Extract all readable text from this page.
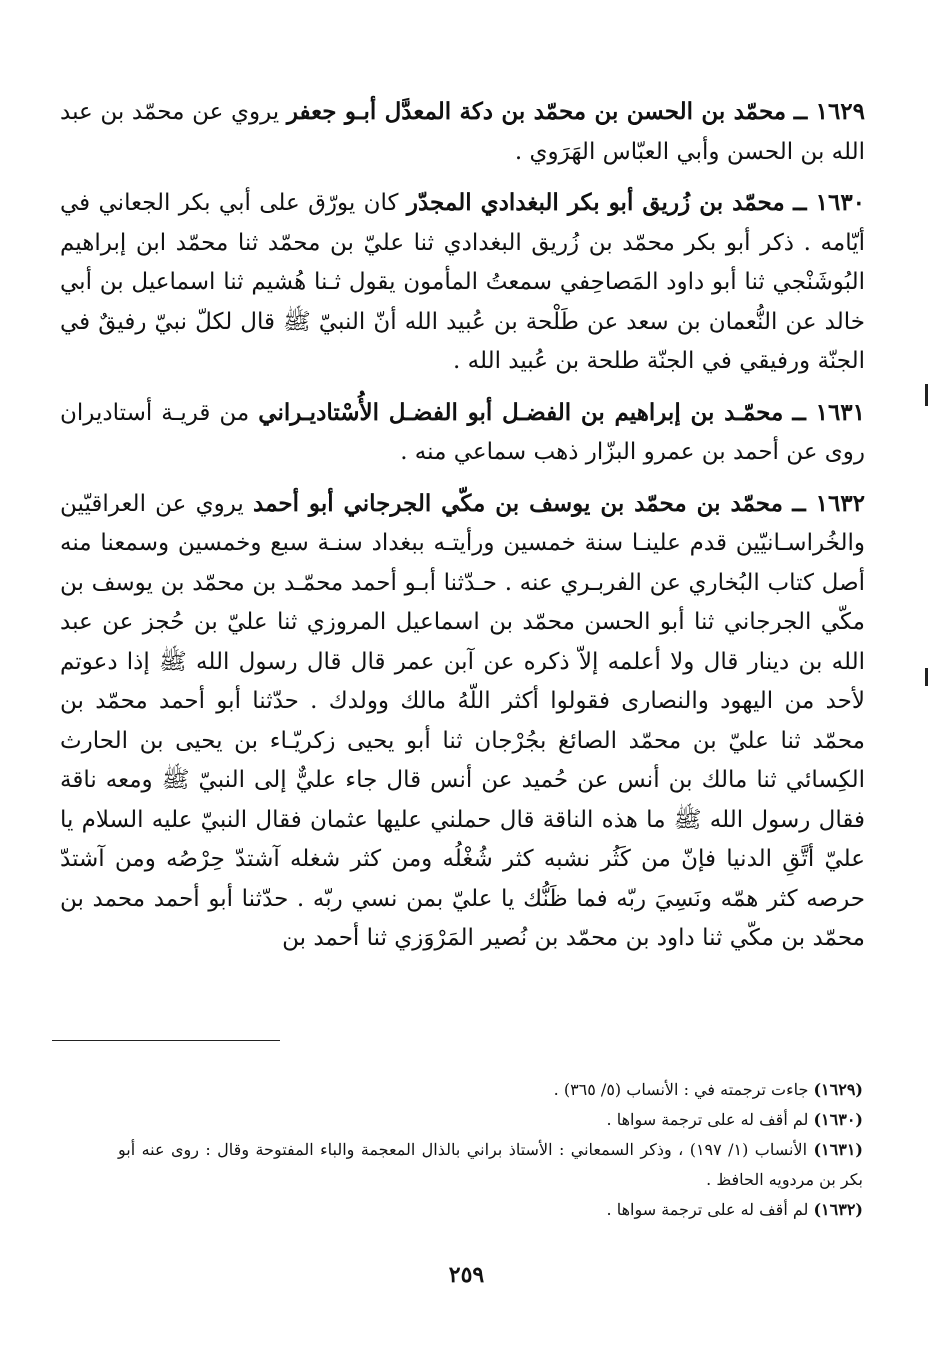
١٦٢٩ ــ محمّد بن الحسن بن محمّد بن دكة المعدَّل أبـو جعفر يروي عن محمّد بن عبد الله بن الحسن وأبي العبّاس الهَرَوي .

١٦٣٠ ــ محمّد بن زُريق أبو بكر البغدادي المجدّر كان يورّق على أبي بكر الجعاني في أيّامه . ذكر أبو بكر محمّد بن زُريق البغدادي ثنا عليّ بن محمّد ثنا محمّد ابن إبراهيم البُوشَنْجي ثنا أبو داود المَصاحِفي سمعتُ المأمون يقول ثـنا هُشيم ثنا اسماعيل بن أبي خالد عن النُّعمان بن سعد عن طَلْحة بن عُبيد الله أنّ النبيّ ﷺ قال لكلّ نبيّ رفيقٌ في الجنّة ورفيقي في الجنّة طلحة بن عُبيد الله .

١٦٣١ ــ محمّـد بن إبراهيم بن الفضـل أبو الفضـل الأُسْتاديـراني من قريـة أستاديران روى عن أحمد بن عمرو البزّار ذهب سماعي منه .

١٦٣٢ ــ محمّد بن محمّد بن يوسف بن مكّي الجرجاني أبو أحمد يروي عن العراقيّين والخُراسـانيّين قدم علينـا سنة خمسين ورأيتـه ببغداد سنـة سبع وخمسين وسمعنا منه أصل كتاب البُخاري عن الفربـري عنه . حـدّثنا أبـو أحمد محمّـد بن محمّد بن يوسف بن مكّي الجرجاني ثنا أبو الحسن محمّد بن اسماعيل المروزي ثنا عليّ بن حُجز عن عبد الله بن دينار قال ولا أعلمه إلاّ ذكره عن آبن عمر قال قال رسول الله ﷺ إذا دعوتم لأحد من اليهود والنصارى فقولوا أكثر اللّهُ مالك وولدك . حدّثنا أبو أحمد محمّد بن محمّد ثنا عليّ بن محمّد الصائغ بجُرْجان ثنا أبو يحيى زكريّـاء بن يحيى بن الحارث الكِسائي ثنا مالك بن أنس عن حُميد عن أنس قال جاء عليٌّ إلى النبيّ ﷺ ومعه ناقة فقال رسول الله ﷺ ما هذه الناقة قال حملني عليها عثمان فقال النبيّ عليه السلام يا عليّ أتَّقِ الدنيا فإنّ من كَثُر نشبه كثر شُغْلُه ومن كثر شغله آشتدّ حِرْصُه ومن آشتدّ حرصه كثر همّه ونَسِيَ ربّه فما ظَنُّك يا عليّ بمن نسي ربّه . حدّثنا أبو أحمد محمد بن محمّد بن مكّي ثنا داود بن محمّد بن نُصير المَرْوَزي ثنا أحمد بن

(١٦٢٩) جاءت ترجمته في : الأنساب (٥/ ٣٦٥) .

(١٦٣٠) لم أقف له على ترجمة سواها .

(١٦٣١) الأنساب (١/ ١٩٧) ، وذكر السمعاني : الأستاذ براني بالذال المعجمة والباء المفتوحة وقال : روى عنه أبو بكر بن مردويه الحافظ .

(١٦٣٢) لم أقف له على ترجمة سواها .

٢٥٩
